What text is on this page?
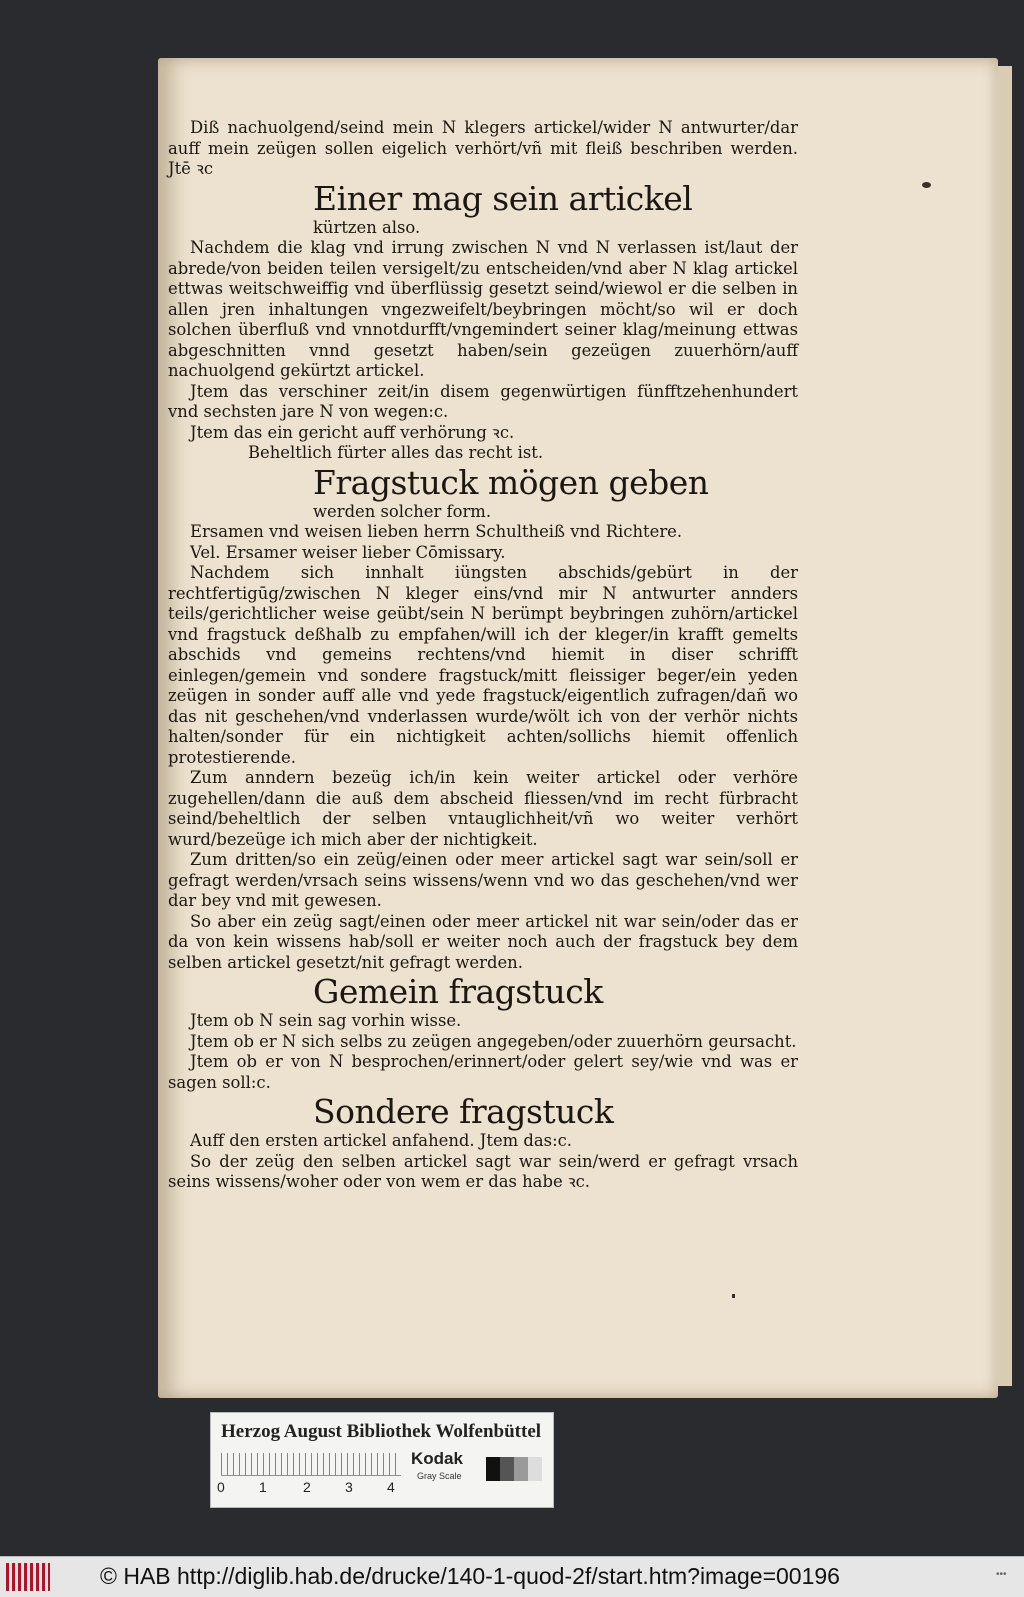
Diß nachuolgend/seind mein N klegers artickel/wider N antwurter/dar auff mein zeügen sollen eigelich verhört/vñ mit fleiß beschriben werden. Jtē ꝛc

Einer mag sein artickel

kürtzen also.

Nachdem die klag vnd irrung zwischen N vnd N verlassen ist/laut der abrede/von beiden teilen versigelt/zu entscheiden/vnd aber N klag artickel ettwas weitschweiffig vnd überflüssig gesetzt seind/wiewol er die selben in allen jren inhaltungen vngezweifelt/beybringen möcht/so wil er doch solchen überfluß vnd vnnotdurfft/vngemindert seiner klag/meinung ettwas abgeschnitten vnnd gesetzt haben/sein gezeügen zuuerhörn/auff nachuolgend gekürtzt artickel.

Jtem das verschiner zeit/in disem gegenwürtigen fünfftzehenhundert vnd sechsten jare N von wegen:c.

Jtem das ein gericht auff verhörung ꝛc.

Beheltlich fürter alles das recht ist.

Fragstuck mögen geben

werden solcher form.

Ersamen vnd weisen lieben herrn Schultheiß vnd Richtere.

Vel. Ersamer weiser lieber Cōmissary.

Nachdem sich innhalt iüngsten abschids/gebürt in der rechtfertigūg/zwischen N kleger eins/vnd mir N antwurter annders teils/gerichtlicher weise geübt/sein N berümpt beybringen zuhörn/artickel vnd fragstuck deßhalb zu empfahen/will ich der kleger/in krafft gemelts abschids vnd gemeins rechtens/vnd hiemit in diser schrifft einlegen/gemein vnd sondere fragstuck/mitt fleissiger beger/ein yeden zeügen in sonder auff alle vnd yede fragstuck/eigentlich zufragen/dañ wo das nit geschehen/vnd vnderlassen wurde/wölt ich von der verhör nichts halten/sonder für ein nichtigkeit achten/sollichs hiemit offenlich protestierende.

Zum anndern bezeüg ich/in kein weiter artickel oder verhöre zugehellen/dann die auß dem abscheid fliessen/vnd im recht fürbracht seind/beheltlich der selben vntauglichheit/vñ wo weiter verhört wurd/bezeüge ich mich aber der nichtigkeit.

Zum dritten/so ein zeüg/einen oder meer artickel sagt war sein/soll er gefragt werden/vrsach seins wissens/wenn vnd wo das geschehen/vnd wer dar bey vnd mit gewesen.

So aber ein zeüg sagt/einen oder meer artickel nit war sein/oder das er da von kein wissens hab/soll er weiter noch auch der fragstuck bey dem selben artickel gesetzt/nit gefragt werden.

Gemein fragstuck

Jtem ob N sein sag vorhin wisse.

Jtem ob er N sich selbs zu zeügen angegeben/oder zuuerhörn geursacht.

Jtem ob er von N besprochen/erinnert/oder gelert sey/wie vnd was er sagen soll:c.

Sondere fragstuck

Auff den ersten artickel anfahend. Jtem das:c.

So der zeüg den selben artickel sagt war sein/werd er gefragt vrsach seins wissens/woher oder von wem er das habe ꝛc.

Herzog August Bibliothek Wolfenbüttel
0 1	2 3 4
Kodak
Gray Scale
© HAB http://diglib.hab.de/drucke/140-1-quod-2f/start.htm?image=00196	•••
